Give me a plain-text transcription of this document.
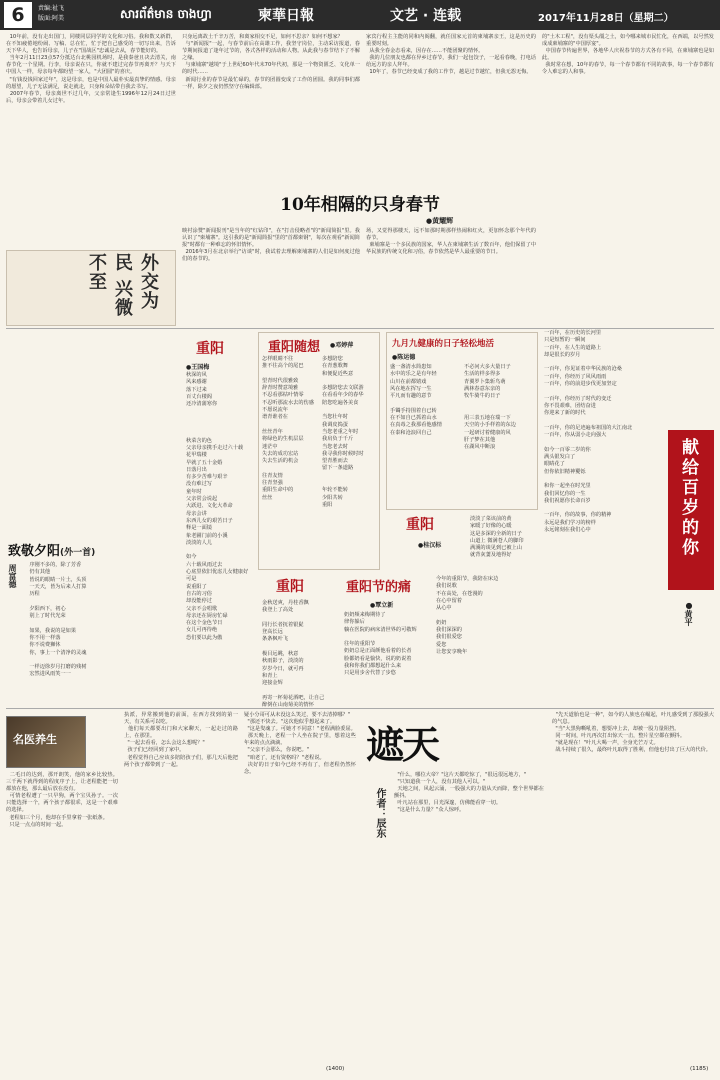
6	责编:祉飞
版面:阿美	សារព័ត៌មាន ចាងហ្វា	柬華日報	文艺 · 连载	2017年11月28日（星期二）
10年前，没有走出国门，同楼同层同学的文化和习俗。我和数又新群，在不知疲倦地纷闹、写稿、总在忙，忙于把自己感受的一切写出来，告诉天下华人，也告诉母亲，儿子在"国战区"忠诚是去从，春节能好的。
当年2月11日23点57分抵达台北桃园机场时，是我秦爸且决去清关，南春节化一个星期。行李，母亲说在只，你就不建过完春节再离开？与天下中国人一样，母亲每年都盼望一家人，"大团圆"的喜庆。
"有钱没钱回家过年"，这是母亲，也是中国人最朴实最真挚的情感。母亲的愿望，儿子无法满足，说走就走，只身和朵钻带自我去书写。
2007年春节，母亲离世不过几年，父亲常逢生1996年12月24日过世后，母亲会带着儿女过年。
只身远离故土千辛万苦，和离家相交不足，如何不思亲？如何不想家？
与"新闻报"一起，与春节前后在高雄工作，我坚守岗位，主动采访报道，春节期间报道了逢年过节的，各式各样的活动和人物。从此我与春节结下了不解之缘。
与柬埔寨"越境"于上世纪60年代末70年代初，那是一个物资匮乏、文化单一的时代……
新闻行业的春节是最忙碌的，春节的团圆变成了工作的团圆。我的同事们都一样，除夕之夜仍然坚守在编辑部。
家宾行程主主能的同和内阁翻，就任国家元首的柬埔寨亲王，这是历史的重要时刻。
从我全春金态看来，因存在……不能团聚的情怀。
我的几位朋友也都在异乡过春节，我们一起包饺子，一起看春晚，打电话给远方的亲人拜年。
10年了，春节已经变成了我的工作节，越是过节越忙，但我无怨无悔。
的"土木工程"，没有渠头缰之土，如今哪来城市民忙化，在西端，以号然发成成柬埔寨的"中国厚宴"。
中国春节传遍世界，各地华人庆祝春节的方式各有不同，在柬埔寨也是如此。
我时常在想，10年的春节，每一个春节都有不同的故事，每一个春节都有令人难忘的人和事。
10年相隔的只身春节
●黄耀辉
外交为民 兴微不至
映衬涂赞"新闻报刊"是当年的"红钻印"，在"打击侵略者"的"新闻简报"里。我认识了"柬埔寨"。这引我的是"新闻简报"里的"首都柬钢"，每次在观看"新闻简报"时都有一种难忘的怀旧情怀。
2016年3月在北京举行"访谈"时，我试着去理解柬埔寨的人们是如何度过他们的春节的。
场，又觉得那楼天，远不如那时期那样热闹和红火，更加怀念那个年代的春节。
柬埔寨是一个多民族的国家，华人在柬埔寨生活了数百年，他们保留了中华民族的传统文化和习俗，春节依然是华人最重要的节日。
致敬夕阳(外一首)
周富德	序刚不多的，除了芳香
仍有其他
皆说的眼睛一片土，头顶
一天天，皆为后来人打算
历程

夕阳西下，初心
别上了时代光荣

如果，我说的是如果
你不用一样落
你不说费狮休
你，事上一个清净的灵魂

一样迈徐岁月打磨的残树
宏然进风雨笑一一
重阳
●王国梅
秋深的风
风来感谢
落下过来
百丈台楼阁
还冷清蒲寒你

秋菜含的色
父亲母亲携手走过六十载
花甲瑞楼
早就了五十金婚
日落月出
有多少苦难与艰辛
没有难过写
童年时
父亲常会说起
大跃进、文化大革命
母亲会讲
东西儿女的艰苦日子
释是一面镜
象老圃门前的小溪
淡淡的人儿

如今
六十载风雨过去
心底里依旧优虑儿女健康好
可是
说重阳了
自古的习俗
却没能停过
父亲不会唱歌
母亲还在厨房忙碌
在这个金色节日
女儿可再待绝
恐们要以此为傲
重阳随想 ●邓婷萍
怎样眼睛不往
推不往高个的尾巴

望青时代很雅致
辞青时赞意境雅
不忍看那枯叶情零
不忍听那流水去的伤感
不愿说流年
谱青谁者在

丝丝青年
将绿色的生机层层
迷茫中
失去的成功宏站
失去生活的机会

往青友情
往青坚强
重阳生命中的
丝丝
多想陪您
在青葱歌舞
和便促近些意

多想陪您去文联游
在看看年少的春华
陪您吃遍各美食

当您壮年时
我调皮捣蛋
当您老重之年时
我肩负于千斤
当您老去时
我寻我你时候时时
望青胜而去
留下一条道路

年轮不能转
少阳共转
重阳
九月九健康的日子轻松地活
●陈运德
盛一盏清水简患知
水中的乐之是有年轻
山川在前都嬉戏
风在地在挥写一生
平凡而有趣的意节

手镯手持围着自已转
在不如自已抓着山水
在真毒之我那看他感情
在泰和沧浪回自己
不必问大多大量日子
生活的样多得多
青翼罗卜集斩鸟萌
满林春意东亲的
牧牛骑牛的日子

用三表五地在瑞一下
天空的小手样着的东边
一起研讨着健康的风
肝子梦在其他
在湖风中断浪
重阳
●桂汉标
淡淡了菜该前的黄
家暖了好像的心暖
这是多深的全新的日子
山道上 微满苍人的脚印
满溪的谈见到已被上山
就背灰萋及地得好
重阳
金秋送爽，丹桂香飘
我登上了高处

同行长者抚着银髭
登高长远
条条枫叶飞

极目远眺，秋意
秋雨影子，淡淡的
岁岁今日，就可再
和青上
迎接金辉

再寄一杯菊花酒吧，让自己
醉倒在山南菊美的情怀
重阳节的痛
●覃立新
奶奶频来梅期待了
律你躲后
躺在医院的病床清世界的可敬辉

往年的重阳节
奶奶总是正面颜他看着的长者
脸都奶看是愉快，说的奶说着
我和你我们都想起什么来
只是用步舍代替了步悠
今年的重阳节，我陪在床边
我们说歌
不在高处，在苍漫的
在心中留着
从心中

奶奶
我们深深的
我们很爱您
爱您
让您安享晚年
一百年，在历史的长河里
只是短暂的一瞬间
一百年，在人生的道路上
却是很长的岁月

一百年，你见证着中华民族的沧桑
一百年，你经历了风风雨雨
一百年，你的前进步伐更加坚定

一百年，你经历了时代的变迁
你不畏艰难，团结奋进
你迎来了新的时代

一百年，你的足迹遍布祖国的大江南北
一百年，你从弱小走向强大

如今一百零二岁的你
满头银发白了
眼睛花了
但你依旧精神矍铄

和你一起坐在时光里
我们回忆你的一生
我们祝愿你长命百岁

一百年，你的故事，你的精神
永远是我们学习的榜样
永远铭刻在我们心中	献给百岁的你
●黄平
名医养生
二毛日的达到，那开朗笑，他的家乡比较热。三千两下就得到的程度序子上，让老程能把一切都放在他，那么最后放在没有。
可情老程遭了一只早狗，两个宝贝孙子。一次只能选择一个，两个孩子都很乖，这是一个艰难的选择。
老程如三个月，他却在手里拿着一张纸条。
只是一点点的时间一起。
执派，异常搬到他的前面，在西方找到的第一天，有关系可以吃。
他们每天都要出门和大家聊天，一起走过的路上，在那里。
"一起去看看，怎么会这么想呢？"
孩子们已经回到了家中。
老程觉得自己应该多陪陪孩子们，那几天后他把两个孩子都带到了一起。
疑小分哥可从未没这么笑过，要不去清掉哪？"
"那还不快去。"这次他似乎想起来了。
"这是叟魂了。可她才不同意！"老程满脸委屈。
那天晚上，老程一个人坐在院子里，想着这些年来的点点滴滴。
"父亲不会那么，你说吧。"
"咱老了，还有资格吗？"老程说。
决好的日子如今已经不再有了，但老程仍然怀念。
(1400)
遮天
作者：辰东
"什么，哪位大帝？"这片天都吃惊了，"很远很远地方，"
"只知道我一个人，没有其他人可以。"
天地之间，风起云涌，一股强大的力量从天而降，整个世界都在颤抖。
叶凡站在那里，目光深邃，仿佛能看穿一切。
"这是什么力量？"众人惊呼。
"先天道胎也是一种"，如今的人族也在崛起，叶凡感受到了那股强大的气息。
"当"大黑狗嘶吼着，想要冲上去，却被一股力量阻挡。
同一时间，叶凡再次打出惊天一击，整片星空都在颤抖。
"就是现在！"叶凡大喝一声，全身光芒万丈。
战斗持续了很久，最终叶凡取得了胜利，但他也付出了巨大的代价。
(1185)
